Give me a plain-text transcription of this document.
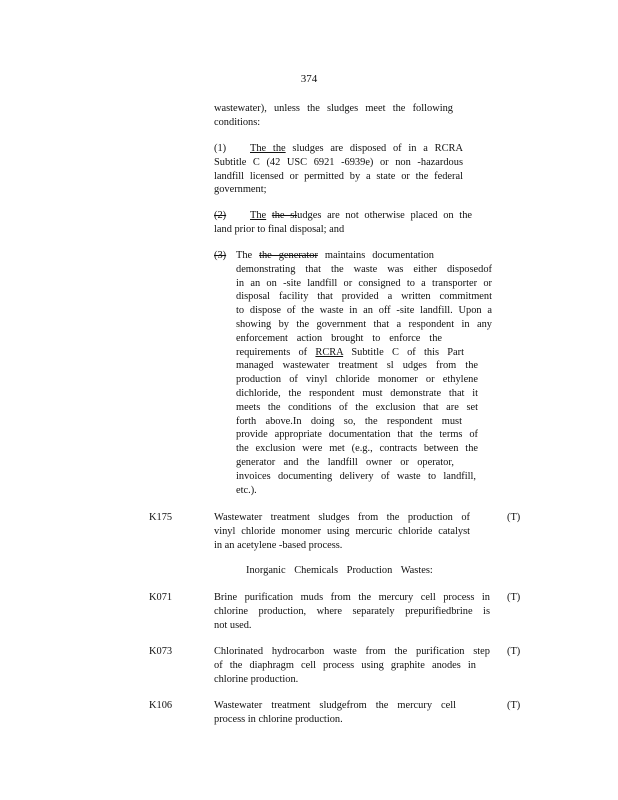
374
wastewater), unless the sludges meet the following
conditions:
(1)	The the sludges are disposed of in a RCRA
Subtitle C (42 USC 6921 -6939e) or non -hazardous
landfill licensed or permitted by a state or the federal
government;
(2)	The the sludges are not otherwise placed on the
land prior to final disposal; and
(3) The the generator maintains documentation
demonstrating that the waste was either disposedof
in an on -site landfill or consigned to a transporter or
disposal facility that provided a written commitment
to dispose of the waste in an off -site landfill. Upon a
showing by the government that a respondent in any
enforcement action brought to enforce the
requirements of RCRA Subtitle C of this Part
managed wastewater treatment sl udges from the
production of vinyl chloride monomer or ethylene
dichloride, the respondent must demonstrate that it
meets the conditions of the exclusion that are set
forth above.In doing so, the respondent must
provide appropriate documentation that the terms of
the exclusion were met (e.g., contracts between the
generator and the landfill owner or operator,
invoices documenting delivery of waste to landfill,
etc.).
K175	Wastewater treatment sludges from the production of
vinyl chloride monomer using mercuric chloride catalyst
in an acetylene -based process.
(T)
Inorganic Chemicals Production Wastes:
K071	Brine purification muds from the mercury cell process in
chlorine production, where separately prepurifiedbrine is
not used.
(T)
K073	Chlorinated hydrocarbon waste from the purification step
of the diaphragm cell process using graphite anodes in
chlorine production.
(T)
K106	Wastewater treatment sludgefrom the mercury cell
process in chlorine production.
(T)
